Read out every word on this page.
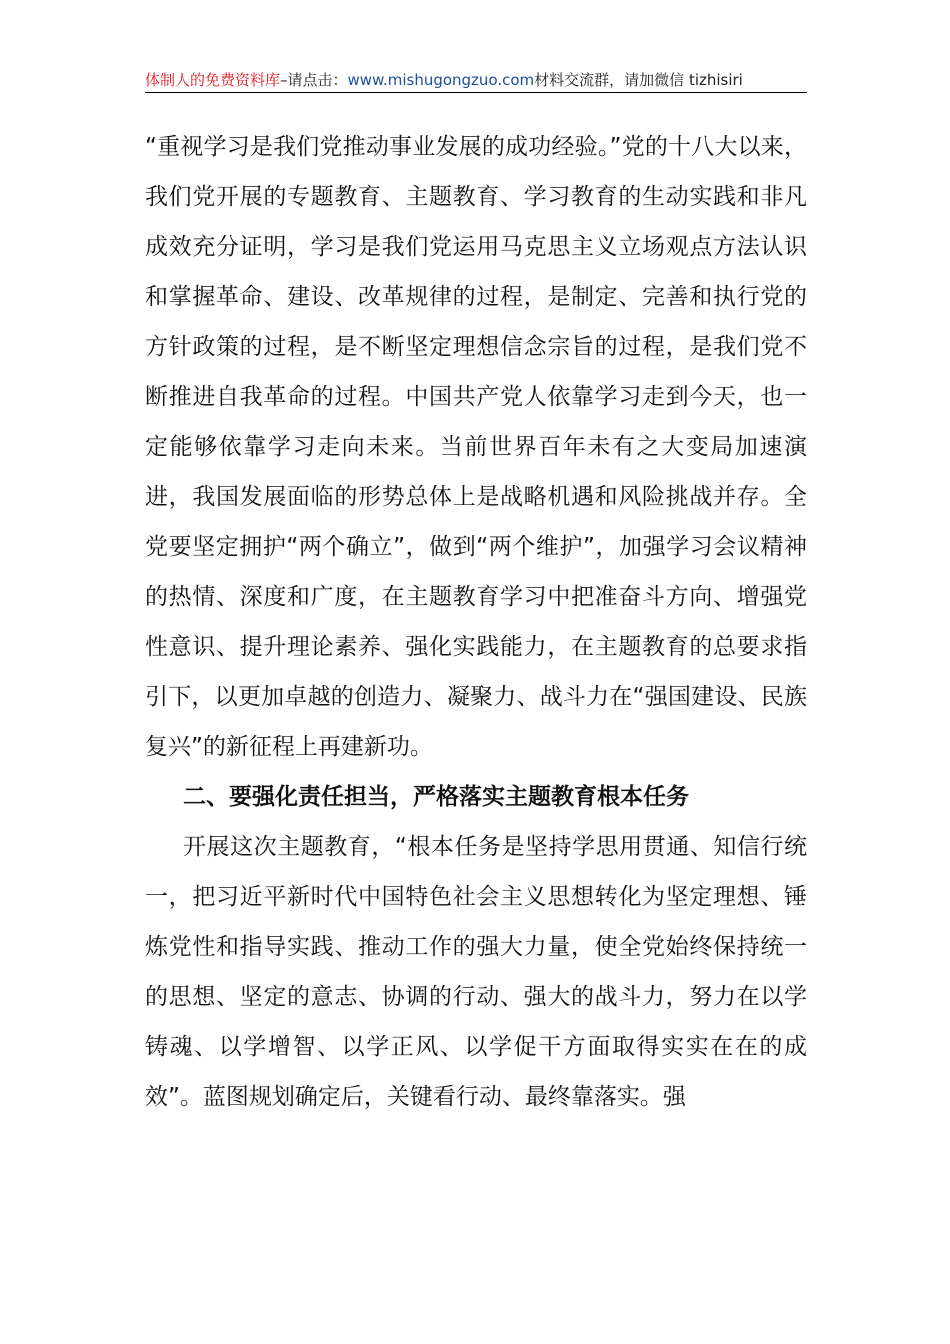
体制人的免费资料库–请点击：www.mishugongzuo.com材料交流群，请加微信 tizhisiri

“重视学习是我们党推动事业发展的成功经验。”党的十八大以来，我们党开展的专题教育、主题教育、学习教育的生动实践和非凡成效充分证明，学习是我们党运用马克思主义立场观点方法认识和掌握革命、建设、改革规律的过程，是制定、完善和执行党的方针政策的过程，是不断坚定理想信念宗旨的过程，是我们党不断推进自我革命的过程。中国共产党人依靠学习走到今天，也一定能够依靠学习走向未来。当前世界百年未有之大变局加速演进，我国发展面临的形势总体上是战略机遇和风险挑战并存。全党要坚定拥护“两个确立”，做到“两个维护”，加强学习会议精神的热情、深度和广度，在主题教育学习中把准奋斗方向、增强党性意识、提升理论素养、强化实践能力，在主题教育的总要求指引下，以更加卓越的创造力、凝聚力、战斗力在“强国建设、民族复兴”的新征程上再建新功。

二、要强化责任担当，严格落实主题教育根本任务

开展这次主题教育，“根本任务是坚持学思用贯通、知信行统一，把习近平新时代中国特色社会主义思想转化为坚定理想、锤炼党性和指导实践、推动工作的强大力量，使全党始终保持统一的思想、坚定的意志、协调的行动、强大的战斗力，努力在以学铸魂、以学增智、以学正风、以学促干方面取得实实在在的成效”。蓝图规划确定后，关键看行动、最终靠落实。强
